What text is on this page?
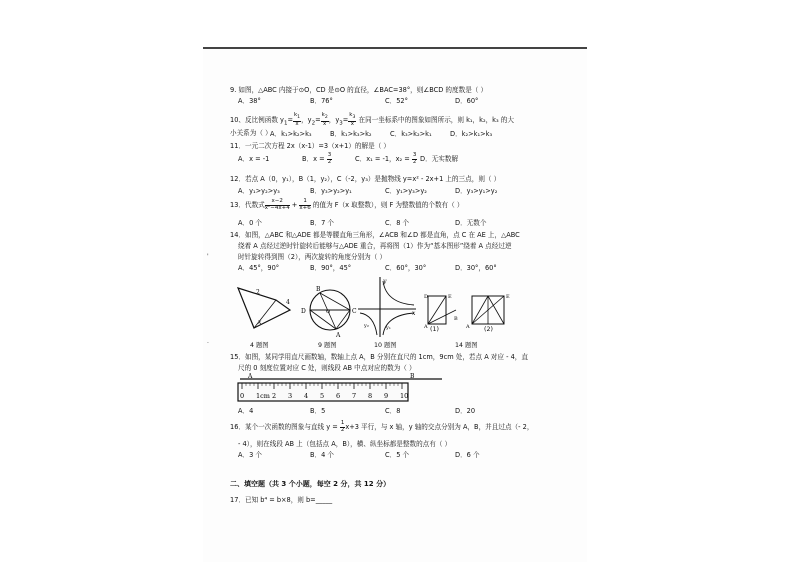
9. 如图，△ABC 内接于⊙O，CD 是⊙O 的直径，∠BAC=38°，则∠BCD 的度数是（ ）
A．38°	B．76°	C．52°	D．60°
10、反比例函数 $y_1= \frac{k_1}{x}$ ，$y_2= \frac{k_2}{x}$ ，$y_3= \frac{k_3}{x}$ 在同一坐标系中的图象如图所示，则 k₁，k₂，k₃ 的大
小关系为（ ）
A．k₁>k₂>k₃	B．k₁>k₃>k₂	C．k₃>k₂>k₁	D．k₂>k₁>k₃
11．一元二次方程 2x（x-1）=3（x+1）的解是（ ）
A．x = -1	B．$x = \frac{3}{2}$	C．x₁ = -1，$x_2 = \frac{3}{2}$ D．无实数解
12．若点 A（0，y₁），B（1，y₂），C（-2，y₃）是抛物线 y=x² - 2x+1 上的三点，则（ ）
A．y₁>y₂>y₃	B．y₃>y₂>y₁	C．y₁>y₃>y₂	D．y₃>y₁>y₂
13．代数式 $\frac{x-2}{\text{x²−4x+4}} + \frac{1}{x+6}$ 的值为 F（x 取整数），则 F 为整数值的个数有（ ）
A．0 个	B．7 个	C．8 个	D．无数个
14．如图，△ABC 和△ADE 都是等腰直角三角形，∠ACB 和∠D 都是直角，点 C 在 AE 上，△ABC
绕着 A 点经过逆时针旋转后能够与△ADE 重合，再将图（1）作为“基本图形”绕着 A 点经过逆
时针旋转得到图（2），两次旋转的角度分别为（ ）
A．45°，90°	B．90°，45°	C．60°，30°	D．30°，60°
2
4
x
4 题图
D	C
O
A
B
9 题图
y
x
y₂	y₁
10 题图
D	E
A
B
E
A
(1)	(2)
14 题图
15．如图，某同学用直尺画数轴，数轴上点 A，B 分别在直尺的 1cm，9cm 处，若点 A 对应 - 4，直
尺的 0 刻度位置对应 C 处，则线段 AB 中点对应的数为（ ）
A	B
0 1cm 2 3 4 5 6 7 8 9 10
A．4	B．5	C．8	D．20
16．某个一次函数的图象与直线 $y = \frac{1}{2} x+3$ 平行，与 x 轴，y 轴的交点分别为 A，B，并且过点（- 2，
- 4），则在线段 AB 上（包括点 A，B），横、纵坐标都是整数的点有（ ）
A．3 个	B．4 个	C．5 个	D．6 个
二、填空题（共 3 个小题，每空 2 分，共 12 分）
17．已知 b⁴ = b×8，则 b=_____
'
·
